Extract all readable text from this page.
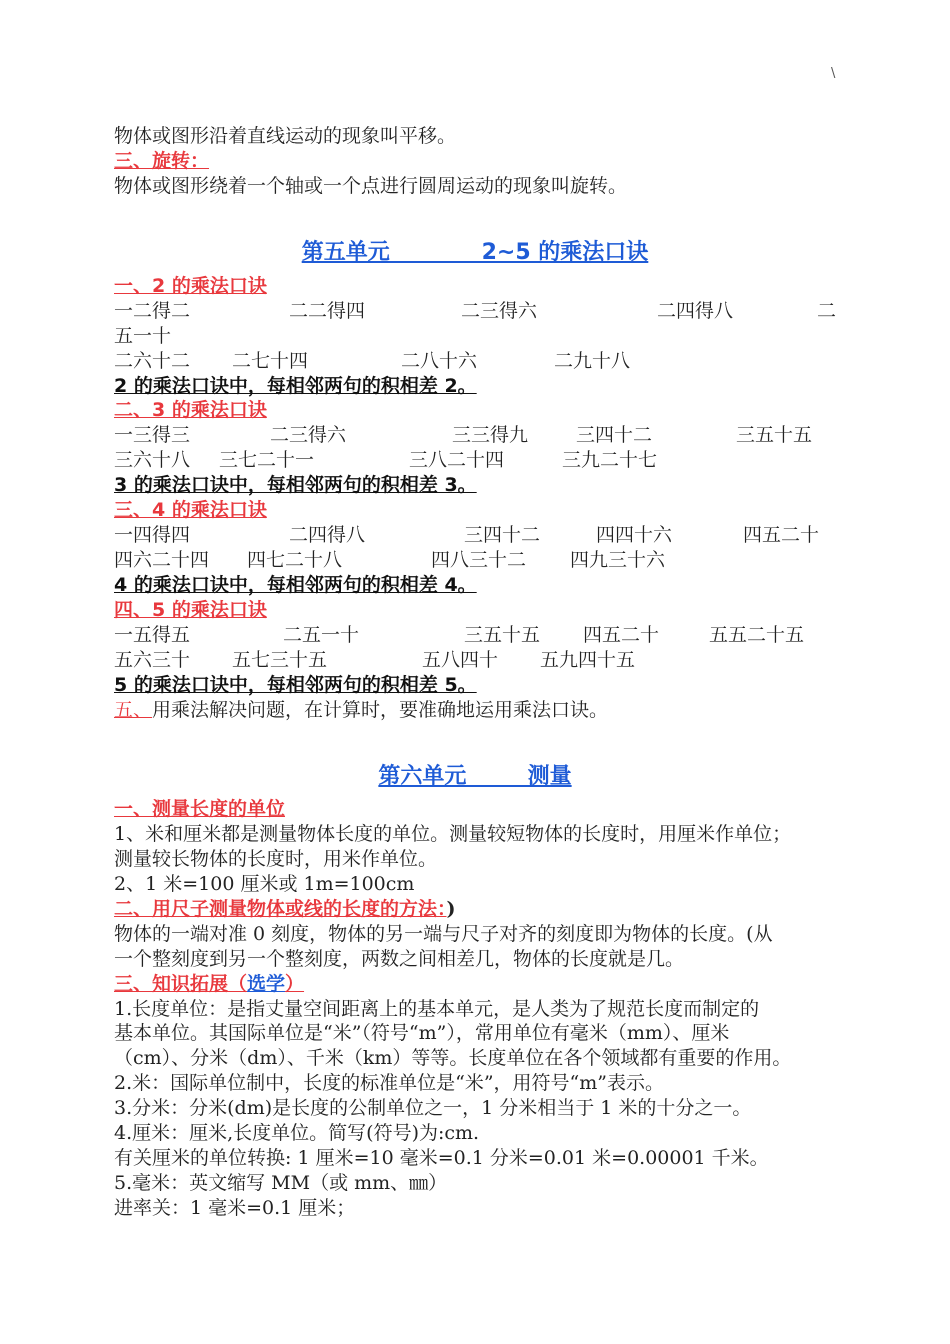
\
物体或图形沿着直线运动的现象叫平移。
三、旋转：
物体或图形绕着一个轴或一个点进行圆周运动的现象叫旋转。
第五单元            2~5 的乘法口诀
一、2 的乘法口诀
一二得二	二二得四	二三得六	二四得八	二
五一十
二六十二 二七十四	二八十六	二九十八
2 的乘法口诀中，每相邻两句的积相差 2。
二、3 的乘法口诀
一三得三	二三得六	三三得九	三四十二	三五十五
三六十八 三七二十一	三八二十四	三九二十七
3 的乘法口诀中，每相邻两句的积相差 3。
三、4 的乘法口诀
一四得四	二四得八	三四十二	四四十六	四五二十
四六二十四 四七二十八	四八三十二 四九三十六
4 的乘法口诀中，每相邻两句的积相差 4。
四、5 的乘法口诀
一五得五	二五一十	三五十五 四五二十	五五二十五
五六三十 五七三十五	五八四十 五九四十五
5 的乘法口诀中，每相邻两句的积相差 5。
五、用乘法解决问题，在计算时，要准确地运用乘法口诀。
第六单元        测量
一、测量长度的单位
1、米和厘米都是测量物体长度的单位。测量较短物体的长度时，用厘米作单位；
测量较长物体的长度时，用米作单位。
2、1 米=100 厘米或 1m=100cm
二、用尺子测量物体或线的长度的方法：)
物体的一端对准 0 刻度，物体的另一端与尺子对齐的刻度即为物体的长度。(从
一个整刻度到另一个整刻度，两数之间相差几，物体的长度就是几。
三、知识拓展（选学）
1.长度单位：是指丈量空间距离上的基本单元，是人类为了规范长度而制定的
基本单位。其国际单位是“米”（符号“m”），常用单位有毫米（mm）、厘米
（cm）、分米（dm）、千米（km）等等。长度单位在各个领域都有重要的作用。
2.米：国际单位制中，长度的标准单位是“米”，用符号“m”表示。
3.分米：分米(dm)是长度的公制单位之一，1 分米相当于 1 米的十分之一。
4.厘米：厘米,长度单位。简写(符号)为:cm.
有关厘米的单位转换: 1 厘米=10 毫米=0.1 分米=0.01 米=0.00001 千米。
5.毫米：英文缩写 MM（或 mm、㎜）
进率关：1 毫米=0.1 厘米；
